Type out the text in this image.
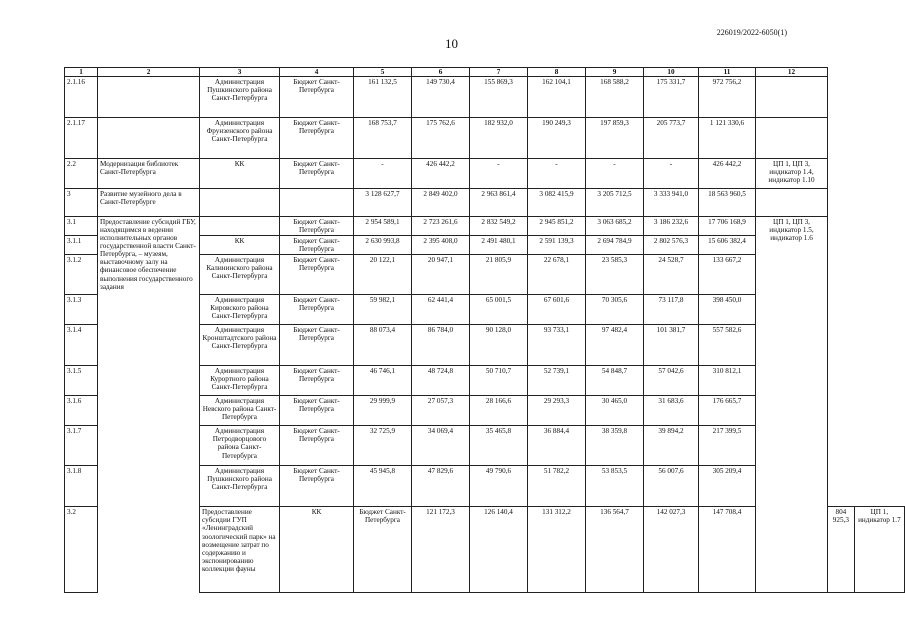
226019/2022-6050(1)
10
1	2	3	4	5	6	7	8	9	10	11	12		
2.1.16		Администрация Пушкинского района Санкт-Петербурга	Бюджет Санкт-Петербурга	161 132,5	149 730,4	155 869,3	162 104,1	168 588,2	175 331,7	972 756,2			
2.1.17		Администрация Фрунзенского района Санкт-Петербурга	Бюджет Санкт-Петербурга	168 753,7	175 762,6	182 932,0	190 249,3	197 859,3	205 773,7	1 121 330,6			
2.2	Модернизация библиотек Санкт-Петербурга	КК	Бюджет Санкт-Петербурга	-	426 442,2	-	-	-	-	426 442,2	ЦП 1, ЦП 3, индикатор 1.4, индикатор 1.10		
3	Развитие музейного дела в Санкт-Петербурге			3 128 627,7	2 849 402,0	2 963 861,4	3 082 415,9	3 205 712,5	3 333 941,0	18 563 960,5			
3.1	Предоставление субсидий ГБУ, находящимся в ведении исполнительных органов государственной власти Санкт-Петербурга, – музеям, выставочному залу на финансовое обеспечение выполнения государственного задания		Бюджет Санкт-Петербурга	2 954 589,1	2 723 261,6	2 832 549,2	2 945 851,2	3 063 685,2	3 186 232,6	17 706 168,9	ЦП 1, ЦП 3, индикатор 1.5, индикатор 1.6		
3.1.1		КК	Бюджет Санкт-Петербурга	2 630 993,8	2 395 408,0	2 491 480,1	2 591 139,3	2 694 784,9	2 802 576,3	15 606 382,4			
3.1.2		Администрация Калининского района Санкт-Петербурга	Бюджет Санкт-Петербурга	20 122,1	20 947,1	21 805,9	22 678,1	23 585,3	24 528,7	133 667,2			
3.1.3		Администрация Кировского района Санкт-Петербурга	Бюджет Санкт-Петербурга	59 982,1	62 441,4	65 001,5	67 601,6	70 305,6	73 117,8	398 450,0			
3.1.4		Администрация Кронштадтского района Санкт-Петербурга	Бюджет Санкт-Петербурга	88 073,4	86 784,0	90 128,0	93 733,1	97 482,4	101 381,7	557 582,6			
3.1.5		Администрация Курортного района Санкт-Петербурга	Бюджет Санкт-Петербурга	46 746,1	48 724,8	50 710,7	52 739,1	54 848,7	57 042,6	310 812,1			
3.1.6		Администрация Невского района Санкт-Петербурга	Бюджет Санкт-Петербурга	29 999,9	27 057,3	28 166,6	29 293,3	30 465,0	31 683,6	176 665,7			
3.1.7		Администрация Петродворцового района Санкт-Петербурга	Бюджет Санкт-Петербурга	32 725,9	34 069,4	35 465,8	36 884,4	38 359,8	39 894,2	217 399,5			
3.1.8		Администрация Пушкинского района Санкт-Петербурга	Бюджет Санкт-Петербурга	45 945,8	47 829,6	49 790,6	51 782,2	53 853,5	56 007,6	305 209,4			
3.2		Предоставление субсидии ГУП «Ленинградский зоологический парк» на возмещение затрат по содержанию и экспонированию коллекции фауны	КК	Бюджет Санкт-Петербурга	121 172,3	126 140,4	131 312,2	136 564,7	142 027,3	147 708,4		804 925,3	ЦП 1, индикатор 1.7
